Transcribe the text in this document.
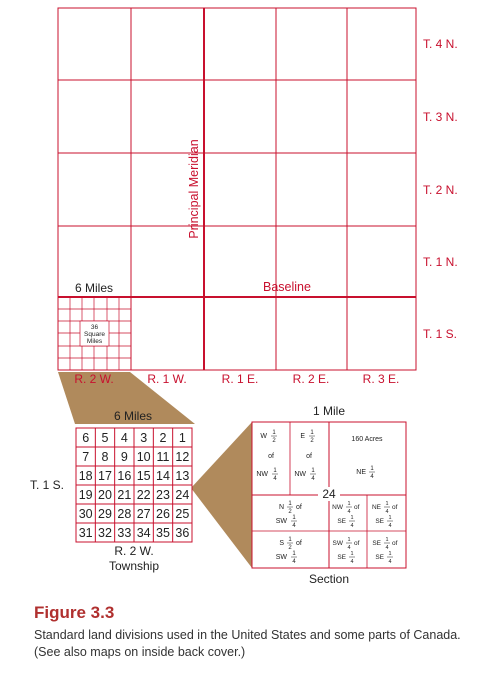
36
Square
Miles
6 Miles
Principal Meridian
Baseline
T. 4 N.
T. 3 N.
T. 2 N.
T. 1 N.
T. 1 S.
R. 2 W.	R. 1 W.	R. 1 E.	R. 2 E.	R. 3 E.
6 Miles
T. 1 S.
6 5 4 3 2 1
7 8 9 10 11 12
18 17 16 15 14 13
19 20 21 22 23 24
30 29 28 27 26 25
31 32 33 34 35 36
R. 2 W.
Township
1 Mile
24
W 1
2
of
NW 1
4
E 1
2
of
NW 1
4
160 Acres
NE 1
4
N 1
2
of
SW 1
4
S 1
2
of
SW 1
4
NW 1
4
of
SE 1
4
NE 1
4
of
SE 1
4
SW 1
4
of
SE 1
4
SE 1
4
of
SE 1
4
Section
Figure 3.3
Standard land divisions used in the United States and some parts of Canada. (See also maps on inside back cover.)
